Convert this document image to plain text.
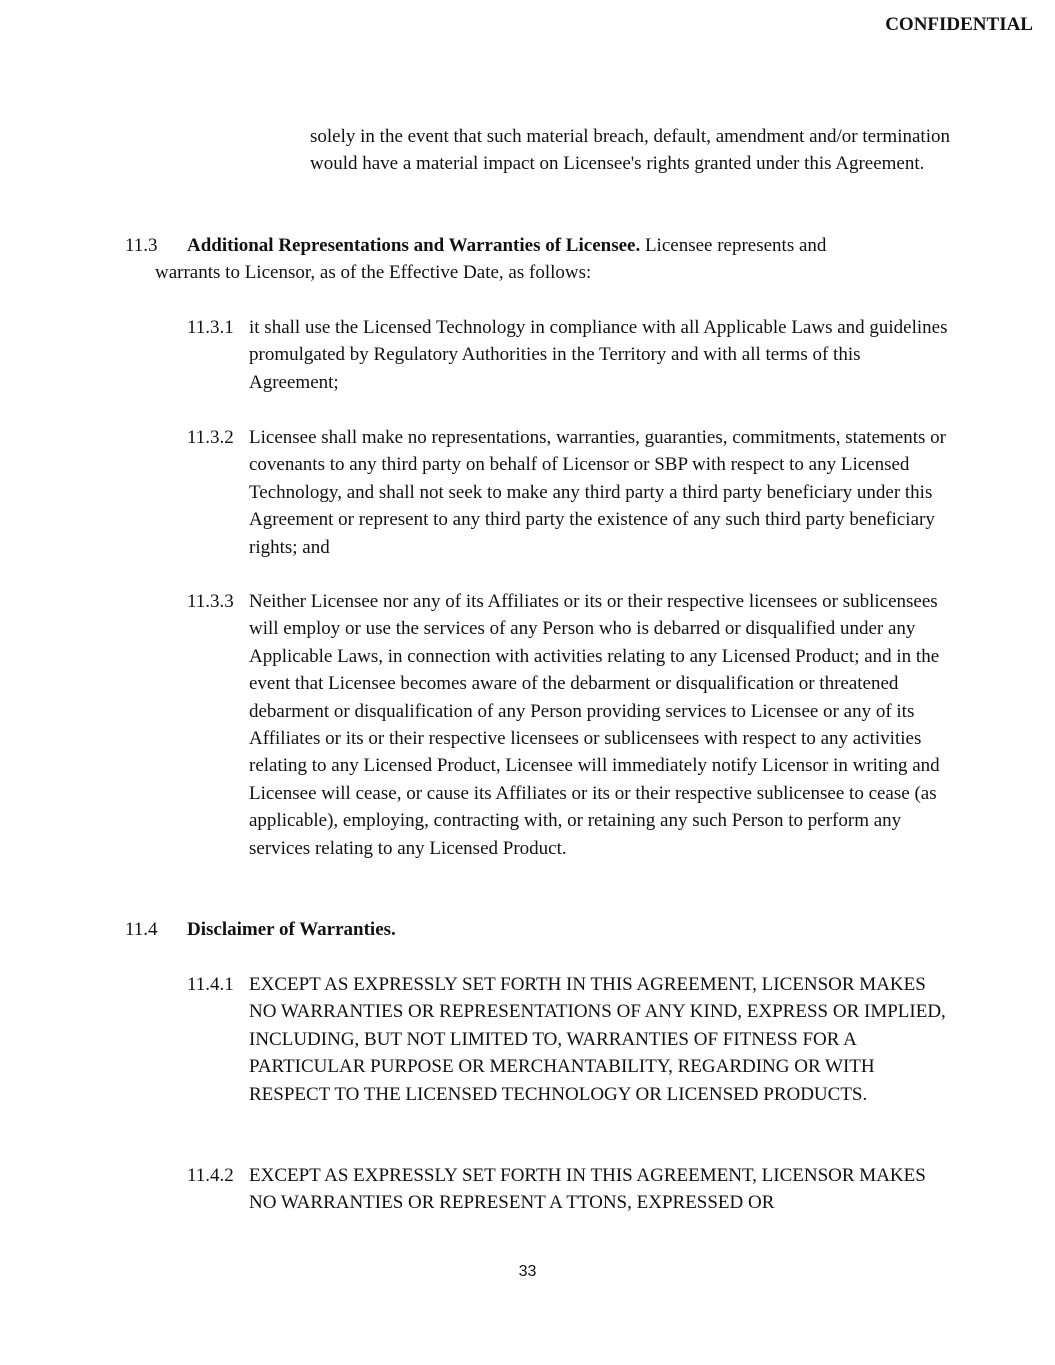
CONFIDENTIAL
solely in the event that such material breach, default, amendment and/or termination would have a material impact on Licensee's rights granted under this Agreement.
11.3	Additional Representations and Warranties of Licensee. Licensee represents and
warrants to Licensor, as of the Effective Date, as follows:
11.3.1 it shall use the Licensed Technology in compliance with all Applicable Laws and guidelines promulgated by Regulatory Authorities in the Territory and with all terms of this Agreement;
11.3.2 Licensee shall make no representations, warranties, guaranties, commitments, statements or covenants to any third party on behalf of Licensor or SBP with respect to any Licensed Technology, and shall not seek to make any third party a third party beneficiary under this Agreement or represent to any third party the existence of any such third party beneficiary rights; and
11.3.3 Neither Licensee nor any of its Affiliates or its or their respective licensees or sublicensees will employ or use the services of any Person who is debarred or disqualified under any Applicable Laws, in connection with activities relating to any Licensed Product; and in the event that Licensee becomes aware of the debarment or disqualification or threatened debarment or disqualification of any Person providing services to Licensee or any of its Affiliates or its or their respective licensees or sublicensees with respect to any activities relating to any Licensed Product, Licensee will immediately notify Licensor in writing and Licensee will cease, or cause its Affiliates or its or their respective sublicensee to cease (as applicable), employing, contracting with, or retaining any such Person to perform any services relating to any Licensed Product.
11.4	Disclaimer of Warranties.
11.4.1 EXCEPT AS EXPRESSLY SET FORTH IN THIS AGREEMENT, LICENSOR MAKES NO WARRANTIES OR REPRESENTATIONS OF ANY KIND, EXPRESS OR IMPLIED, INCLUDING, BUT NOT LIMITED TO, WARRANTIES OF FITNESS FOR A PARTICULAR PURPOSE OR MERCHANTABILITY, REGARDING OR WITH RESPECT TO THE LICENSED TECHNOLOGY OR LICENSED PRODUCTS.
11.4.2 EXCEPT AS EXPRESSLY SET FORTH IN THIS AGREEMENT, LICENSOR MAKES NO WARRANTIES OR REPRESENT A TTONS, EXPRESSED OR
33
